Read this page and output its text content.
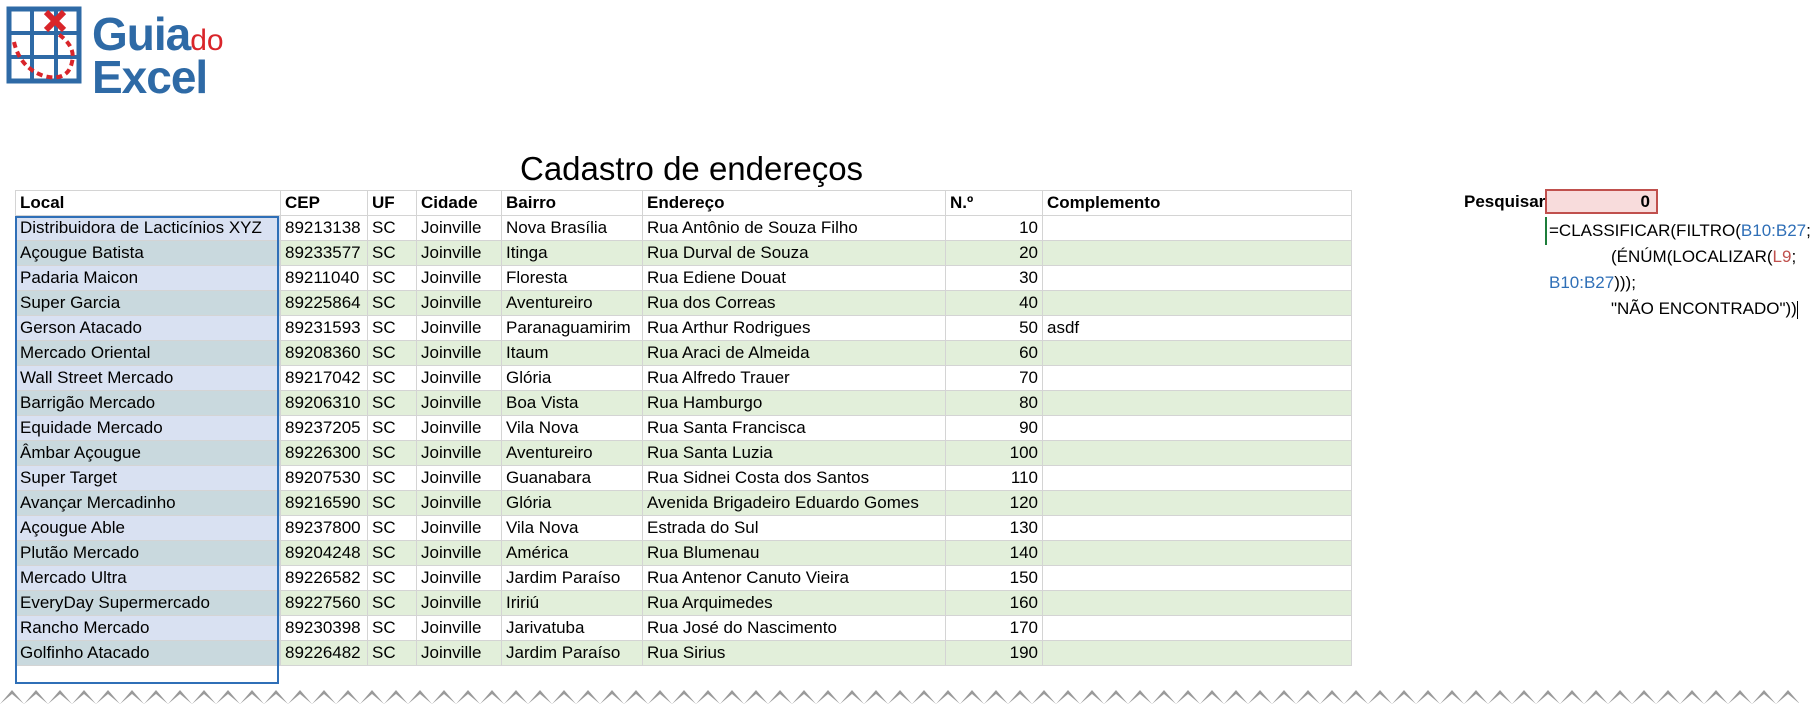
Guiado
Excel
Cadastro de endereços
Local	CEP	UF	Cidade	Bairro	Endereço	N.º	Complemento
Distribuidora de Lacticínios XYZ	89213138	SC	Joinville	Nova Brasília	Rua Antônio de Souza Filho	10	
Açougue Batista	89233577	SC	Joinville	Itinga	Rua Durval de Souza	20	
Padaria Maicon	89211040	SC	Joinville	Floresta	Rua Ediene Douat	30	
Super Garcia	89225864	SC	Joinville	Aventureiro	Rua dos Correas	40	
Gerson Atacado	89231593	SC	Joinville	Paranaguamirim	Rua Arthur Rodrigues	50	asdf
Mercado Oriental	89208360	SC	Joinville	Itaum	Rua Araci de Almeida	60	
Wall Street Mercado	89217042	SC	Joinville	Glória	Rua Alfredo Trauer	70	
Barrigão Mercado	89206310	SC	Joinville	Boa Vista	Rua Hamburgo	80	
Equidade Mercado	89237205	SC	Joinville	Vila Nova	Rua Santa Francisca	90	
Âmbar Açougue	89226300	SC	Joinville	Aventureiro	Rua Santa Luzia	100	
Super Target	89207530	SC	Joinville	Guanabara	Rua Sidnei Costa dos Santos	110	
Avançar Mercadinho	89216590	SC	Joinville	Glória	Avenida Brigadeiro Eduardo Gomes	120	
Açougue Able	89237800	SC	Joinville	Vila Nova	Estrada do Sul	130	
Plutão Mercado	89204248	SC	Joinville	América	Rua Blumenau	140	
Mercado Ultra	89226582	SC	Joinville	Jardim Paraíso	Rua Antenor Canuto Vieira	150	
EveryDay Supermercado	89227560	SC	Joinville	Iririú	Rua Arquimedes	160	
Rancho Mercado	89230398	SC	Joinville	Jarivatuba	Rua José do Nascimento	170	
Golfinho Atacado	89226482	SC	Joinville	Jardim Paraíso	Rua Sirius	190	
Pesquisar	0
=CLASSIFICAR(FILTRO(B10:B27;
(ÉNÚM(LOCALIZAR(L9;
B10:B27)));
"NÃO ENCONTRADO"))
